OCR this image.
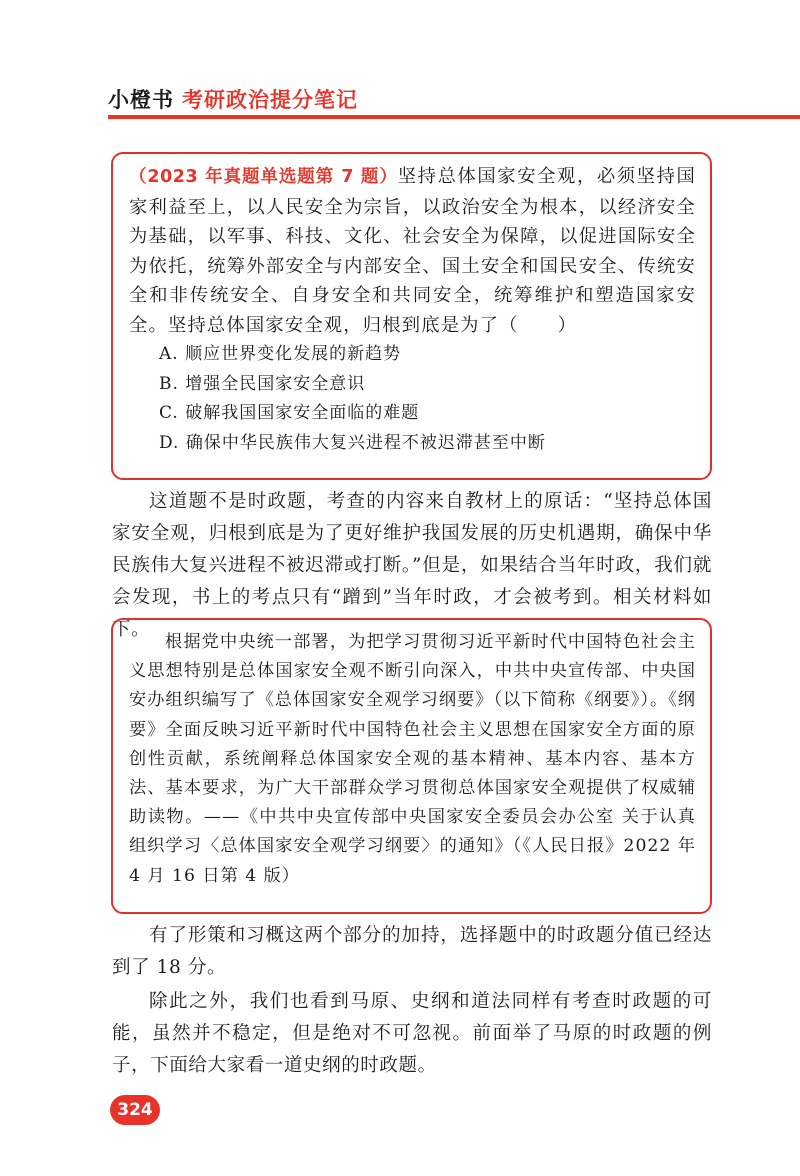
小橙书 考研政治提分笔记

（2023 年真题单选题第 7 题）坚持总体国家安全观，必须坚持国家利益至上，以人民安全为宗旨，以政治安全为根本，以经济安全为基础，以军事、科技、文化、社会安全为保障，以促进国际安全为依托，统筹外部安全与内部安全、国土安全和国民安全、传统安全和非传统安全、自身安全和共同安全，统筹维护和塑造国家安全。坚持总体国家安全观，归根到底是为了（　　）

A. 顺应世界变化发展的新趋势
B. 增强全民国家安全意识
C. 破解我国国家安全面临的难题
D. 确保中华民族伟大复兴进程不被迟滞甚至中断

这道题不是时政题，考查的内容来自教材上的原话：“坚持总体国家安全观，归根到底是为了更好维护我国发展的历史机遇期，确保中华民族伟大复兴进程不被迟滞或打断。”但是，如果结合当年时政，我们就会发现，书上的考点只有“蹭到”当年时政，才会被考到。相关材料如下。

根据党中央统一部署，为把学习贯彻习近平新时代中国特色社会主义思想特别是总体国家安全观不断引向深入，中共中央宣传部、中央国安办组织编写了《总体国家安全观学习纲要》（以下简称《纲要》）。《纲要》全面反映习近平新时代中国特色社会主义思想在国家安全方面的原创性贡献，系统阐释总体国家安全观的基本精神、基本内容、基本方法、基本要求，为广大干部群众学习贯彻总体国家安全观提供了权威辅助读物。——《中共中央宣传部中央国家安全委员会办公室 关于认真组织学习〈总体国家安全观学习纲要〉的通知》（《人民日报》2022 年 4 月 16 日第 4 版）

有了形策和习概这两个部分的加持，选择题中的时政题分值已经达到了 18 分。

除此之外，我们也看到马原、史纲和道法同样有考查时政题的可能，虽然并不稳定，但是绝对不可忽视。前面举了马原的时政题的例子，下面给大家看一道史纲的时政题。

324
